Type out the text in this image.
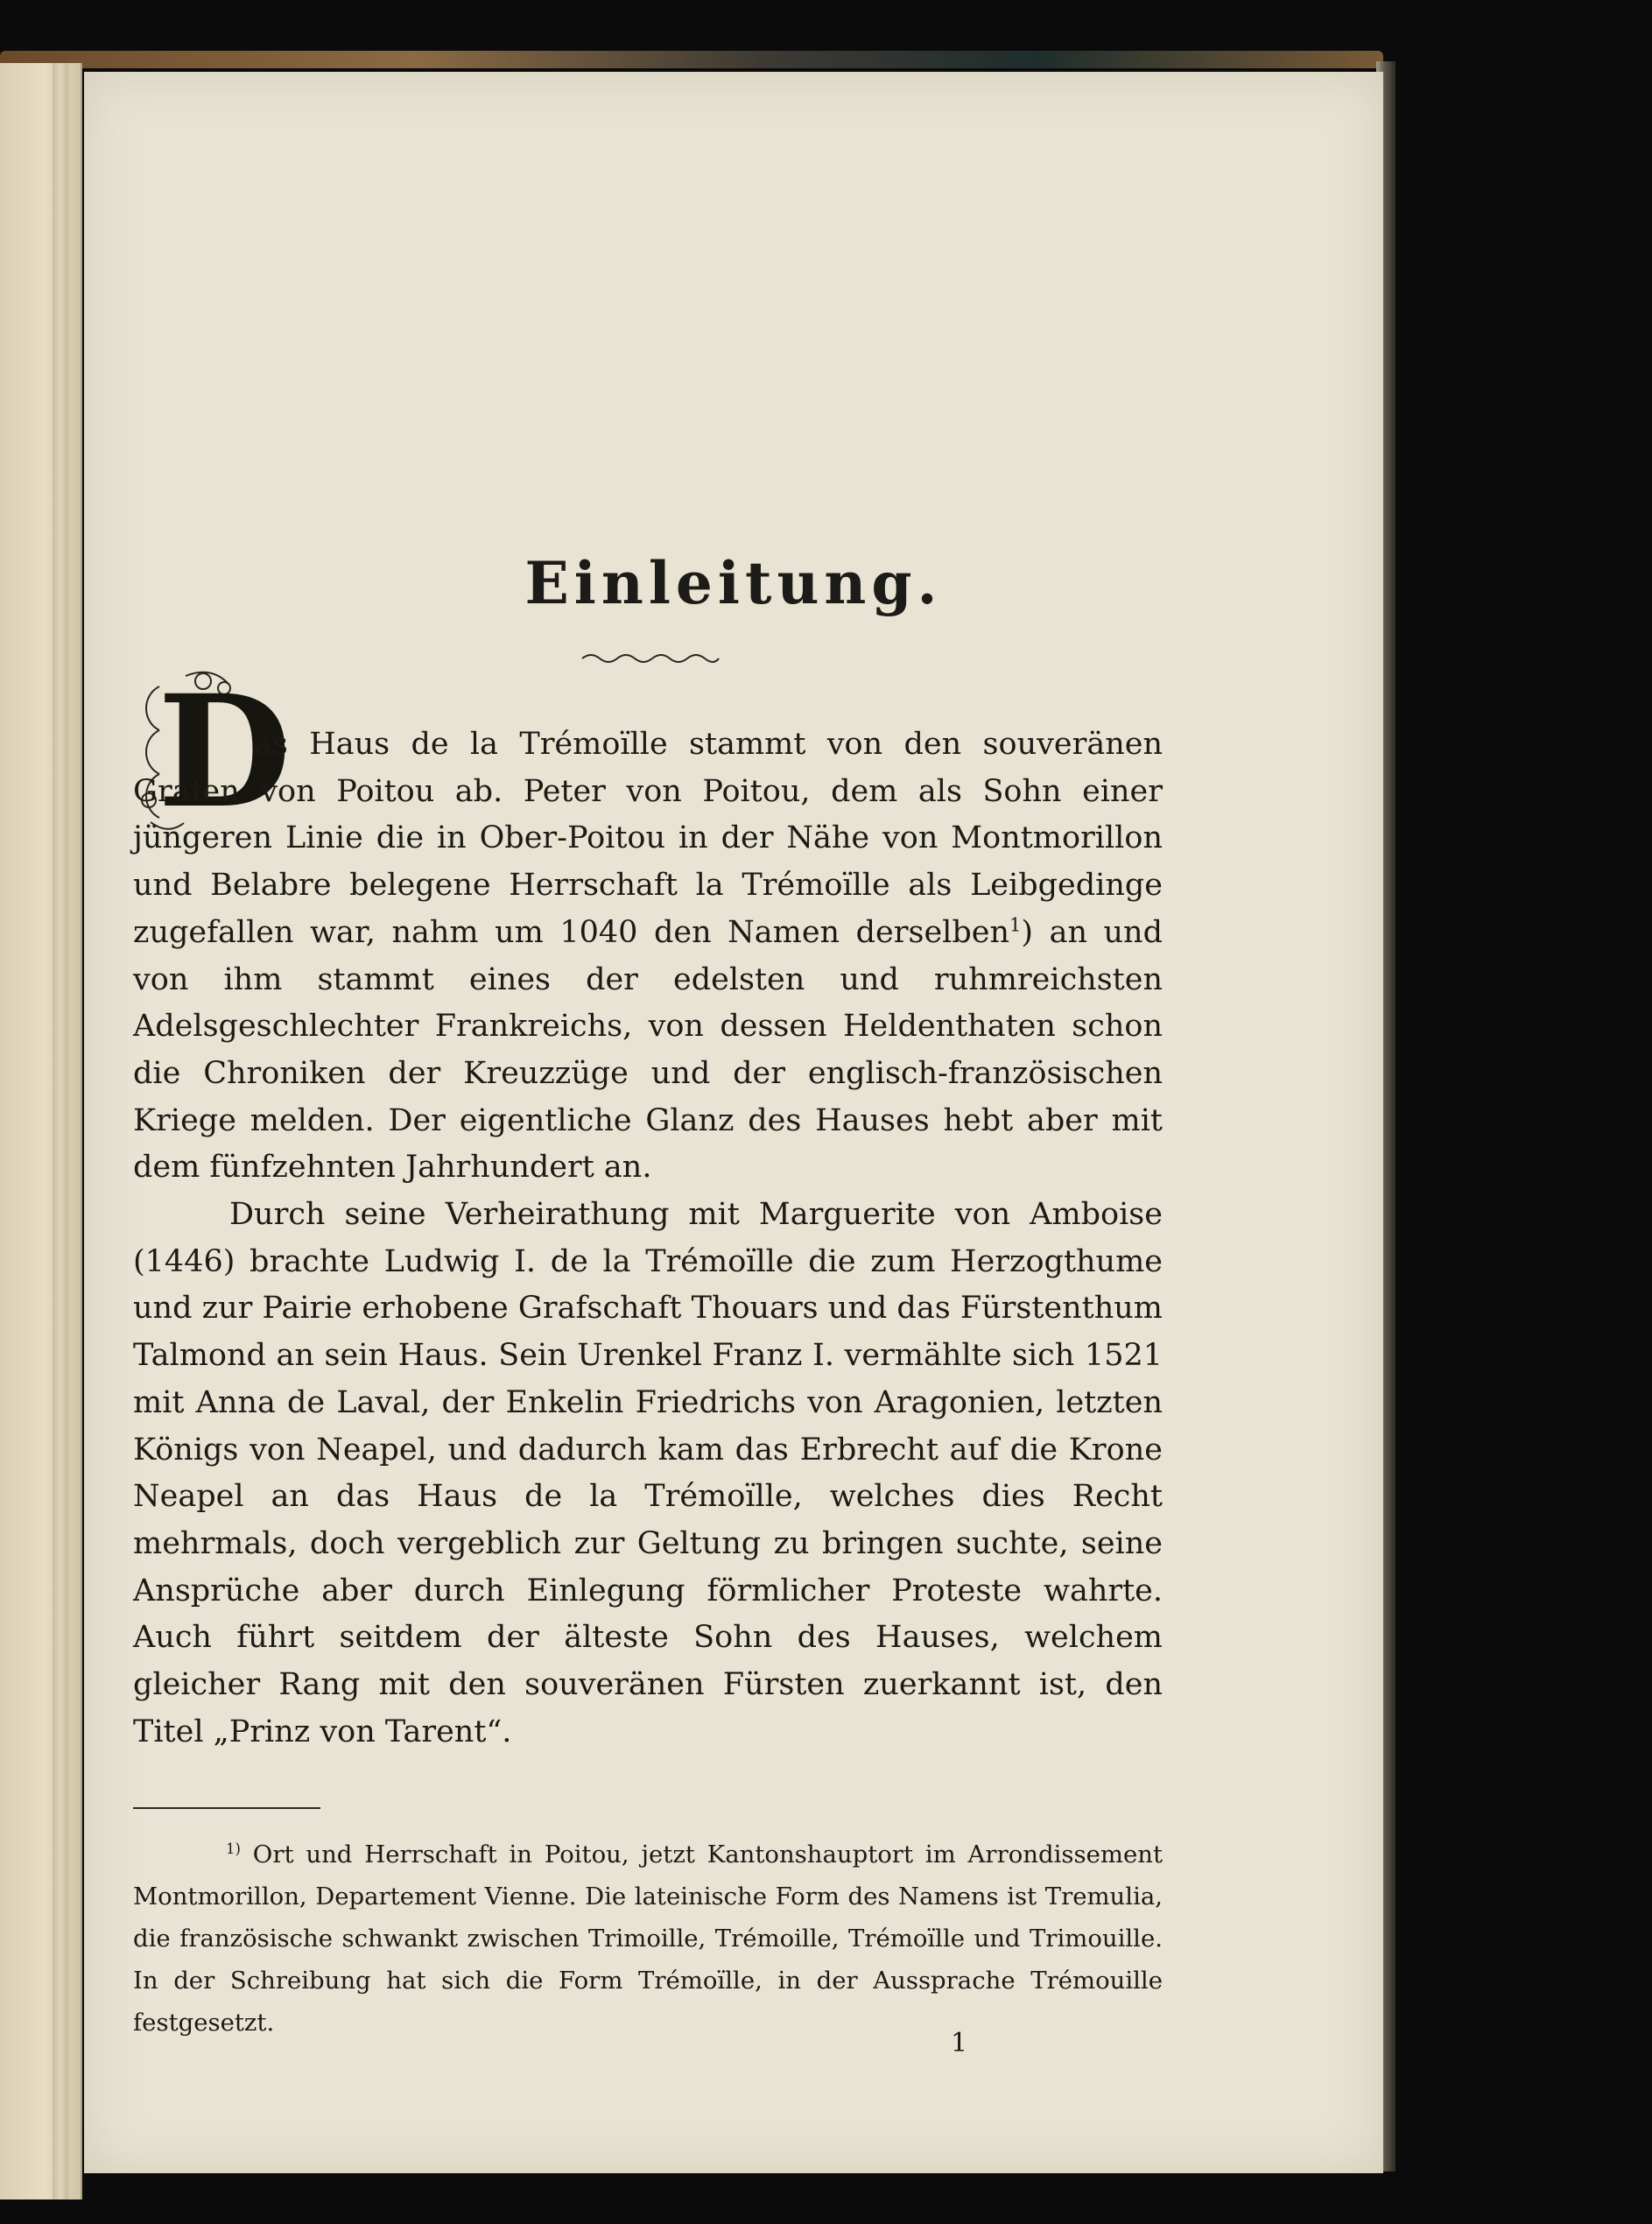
Einleitung.
D

as Haus de la Trémoïlle stammt von den souveränen Grafen von Poitou ab. Peter von Poitou, dem als Sohn einer jüngeren Linie die in Ober-Poitou in der Nähe von Montmorillon und Belabre belegene Herrschaft la Trémoïlle als Leibgedinge zugefallen war, nahm um 1040 den Namen derselben$^1$) an und von ihm stammt eines der edelsten und ruhmreichsten Adelsgeschlechter Frankreichs, von dessen Heldenthaten schon die Chroniken der Kreuzzüge und der englisch-französischen Kriege melden. Der eigentliche Glanz des Hauses hebt aber mit dem fünfzehnten Jahrhundert an.

Durch seine Verheirathung mit Marguerite von Amboise (1446) brachte Ludwig I. de la Trémoïlle die zum Herzogthume und zur Pairie erhobene Grafschaft Thouars und das Fürstenthum Talmond an sein Haus. Sein Urenkel Franz I. vermählte sich 1521 mit Anna de Laval, der Enkelin Friedrichs von Aragonien, letzten Königs von Neapel, und dadurch kam das Erbrecht auf die Krone Neapel an das Haus de la Trémoïlle, welches dies Recht mehrmals, doch vergeblich zur Geltung zu bringen suchte, seine Ansprüche aber durch Einlegung förmlicher Proteste wahrte. Auch führt seitdem der älteste Sohn des Hauses, welchem gleicher Rang mit den souveränen Fürsten zuerkannt ist, den Titel „Prinz von Tarent“.

$^{1)}$ Ort und Herrschaft in Poitou, jetzt Kantonshauptort im Arrondissement Montmorillon, Departement Vienne. Die lateinische Form des Namens ist Tremulia, die französische schwankt zwischen Trimoille, Trémoille, Trémoïlle und Trimouille. In der Schreibung hat sich die Form Trémoïlle, in der Aussprache Trémouille festgesetzt.
1
